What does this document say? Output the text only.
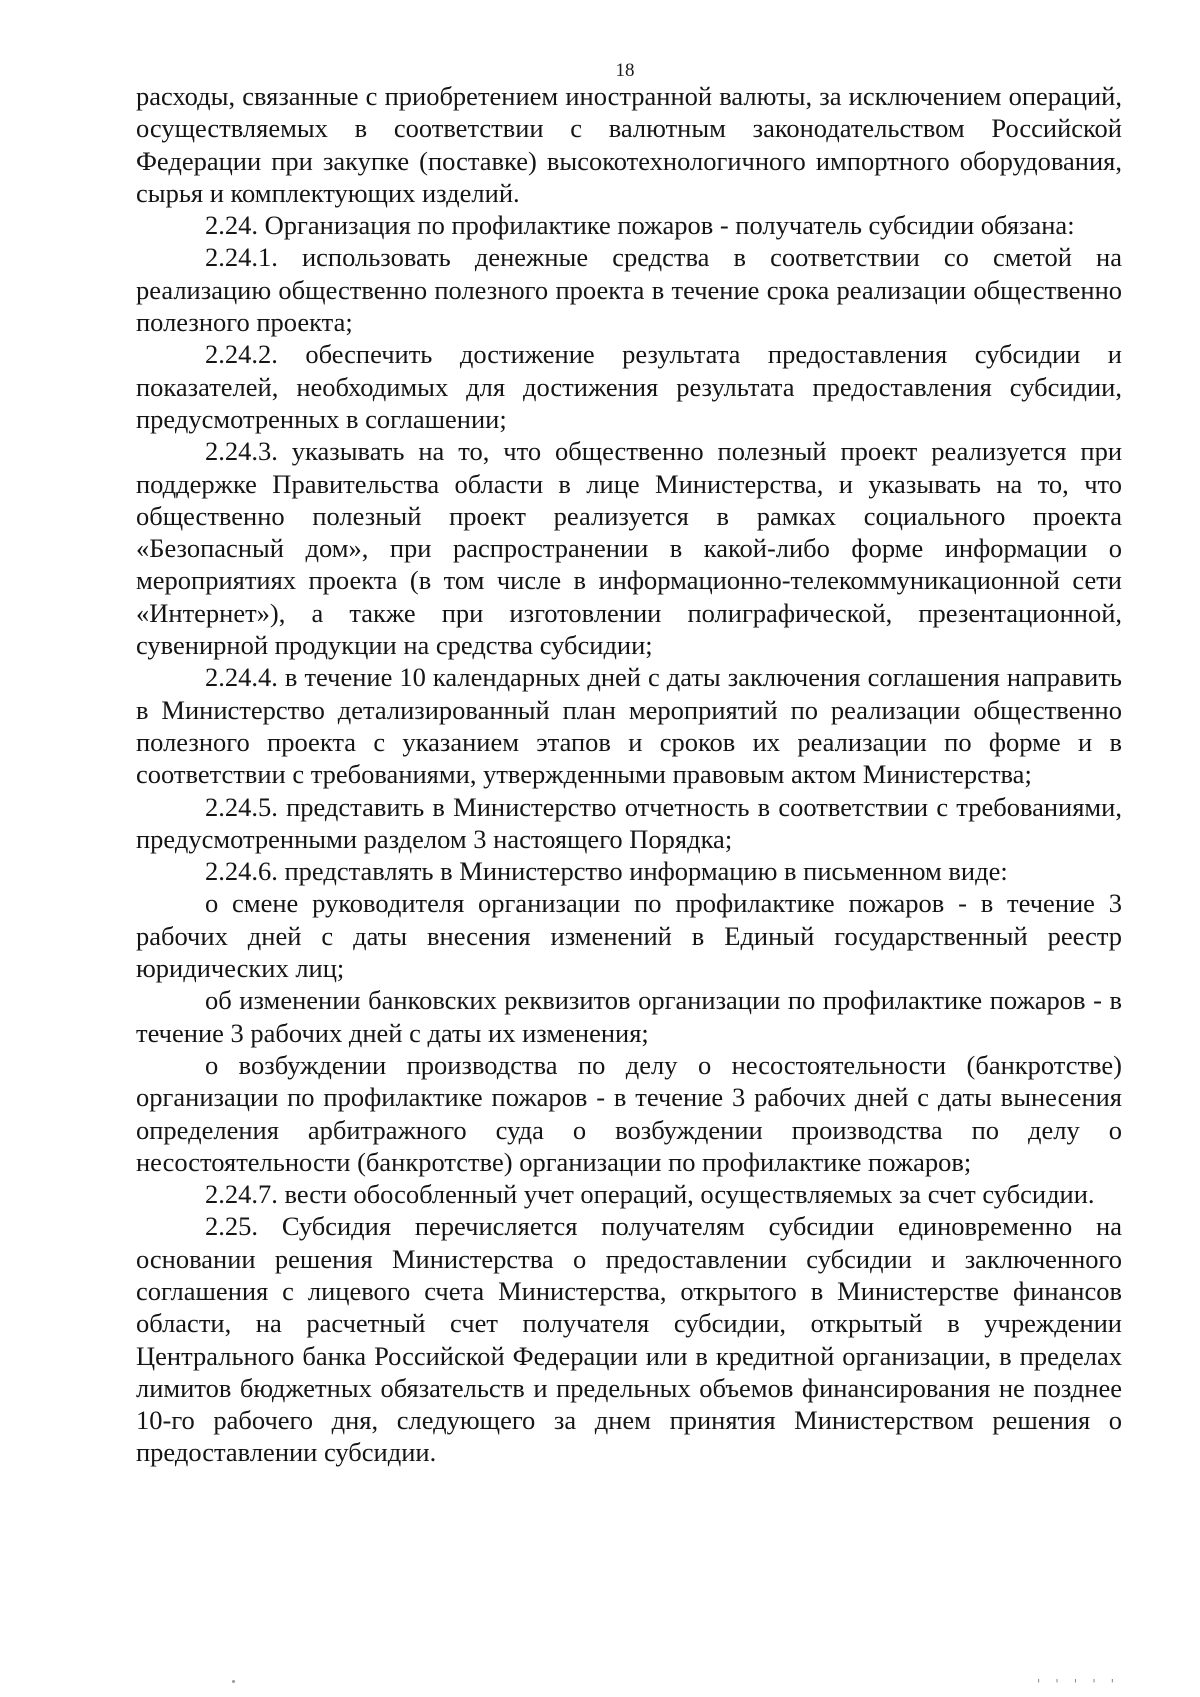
18

расходы, связанные с приобретением иностранной валюты, за исключением операций, осуществляемых в соответствии с валютным законодательством Российской Федерации при закупке (поставке) высокотехнологичного импортного оборудования, сырья и комплектующих изделий.

2.24. Организация по профилактике пожаров - получатель субсидии обязана:

2.24.1. использовать денежные средства в соответствии со сметой на реализацию общественно полезного проекта в течение срока реализации общественно полезного проекта;

2.24.2. обеспечить достижение результата предоставления субсидии и показателей, необходимых для достижения результата предоставления субсидии, предусмотренных в соглашении;

2.24.3. указывать на то, что общественно полезный проект реализуется при поддержке Правительства области в лице Министерства, и указывать на то, что общественно полезный проект реализуется в рамках социального проекта «Безопасный дом», при распространении в какой-либо форме информации о мероприятиях проекта (в том числе в информационно-телекоммуникационной сети «Интернет»), а также при изготовлении полиграфической, презентационной, сувенирной продукции на средства субсидии;

2.24.4. в течение 10 календарных дней с даты заключения соглашения направить в Министерство детализированный план мероприятий по реализации общественно полезного проекта с указанием этапов и сроков их реализации по форме и в соответствии с требованиями, утвержденными правовым актом Министерства;

2.24.5. представить в Министерство отчетность в соответствии с требованиями, предусмотренными разделом 3 настоящего Порядка;

2.24.6. представлять в Министерство информацию в письменном виде:

о смене руководителя организации по профилактике пожаров - в течение 3 рабочих дней с даты внесения изменений в Единый государственный реестр юридических лиц;

об изменении банковских реквизитов организации по профилактике пожаров - в течение 3 рабочих дней с даты их изменения;

о возбуждении производства по делу о несостоятельности (банкротстве) организации по профилактике пожаров - в течение 3 рабочих дней с даты вынесения определения арбитражного суда о возбуждении производства по делу о несостоятельности (банкротстве) организации по профилактике пожаров;

2.24.7. вести обособленный учет операций, осуществляемых за счет субсидии.

2.25. Субсидия перечисляется получателям субсидии единовременно на основании решения Министерства о предоставлении субсидии и заключенного соглашения с лицевого счета Министерства, открытого в Министерстве финансов области, на расчетный счет получателя субсидии, открытый в учреждении Центрального банка Российской Федерации или в кредитной организации, в пределах лимитов бюджетных обязательств и предельных объемов финансирования не позднее 10-го рабочего дня, следующего за днем принятия Министерством решения о предоставлении субсидии.

' ' ' ' '
